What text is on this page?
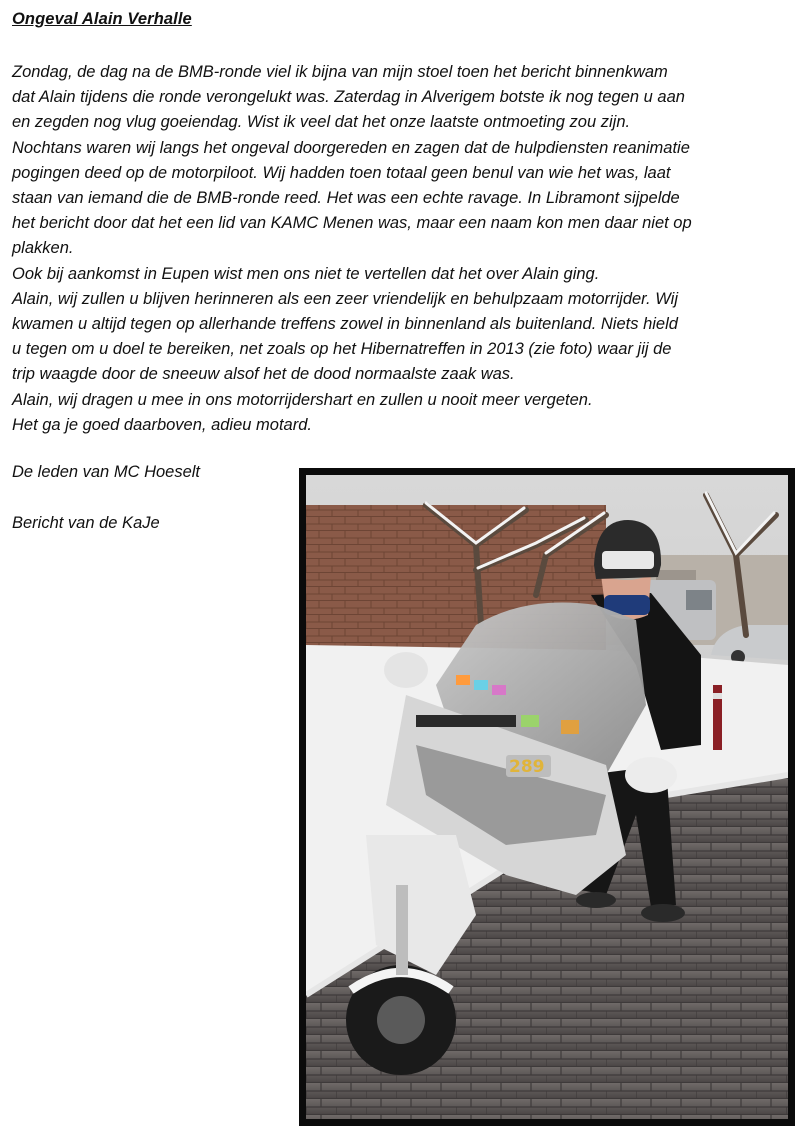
Ongeval Alain Verhalle

Zondag, de dag na de BMB-ronde viel ik bijna van mijn stoel toen het bericht binnenkwam

dat Alain tijdens die ronde verongelukt was. Zaterdag in Alverigem botste ik nog tegen u aan

en zegden nog vlug goeiendag. Wist ik veel dat het onze laatste ontmoeting zou zijn.

Nochtans waren wij langs het ongeval doorgereden en zagen dat de hulpdiensten reanimatie

pogingen deed op de motorpiloot. Wij hadden toen totaal geen benul van wie het was, laat

staan van iemand die de BMB-ronde reed. Het was een echte ravage. In Libramont sijpelde

het bericht door dat het een lid van KAMC Menen was, maar een naam kon men daar niet op

plakken.

Ook bij aankomst in Eupen wist men ons niet te vertellen dat het over Alain ging.

Alain, wij zullen u blijven herinneren als een zeer vriendelijk en behulpzaam motorrijder. Wij

kwamen u altijd tegen op allerhande treffens zowel in binnenland als buitenland. Niets hield

u tegen om u doel te bereiken, net zoals op het Hibernatreffen in 2013 (zie foto) waar jij de

trip waagde door de sneeuw alsof het de dood normaalste zaak was.

Alain, wij dragen u mee in ons motorrijdershart en zullen u nooit meer vergeten.

Het ga je goed daarboven, adieu motard.

De leden van MC Hoeselt
Bericht van de KaJe
289
